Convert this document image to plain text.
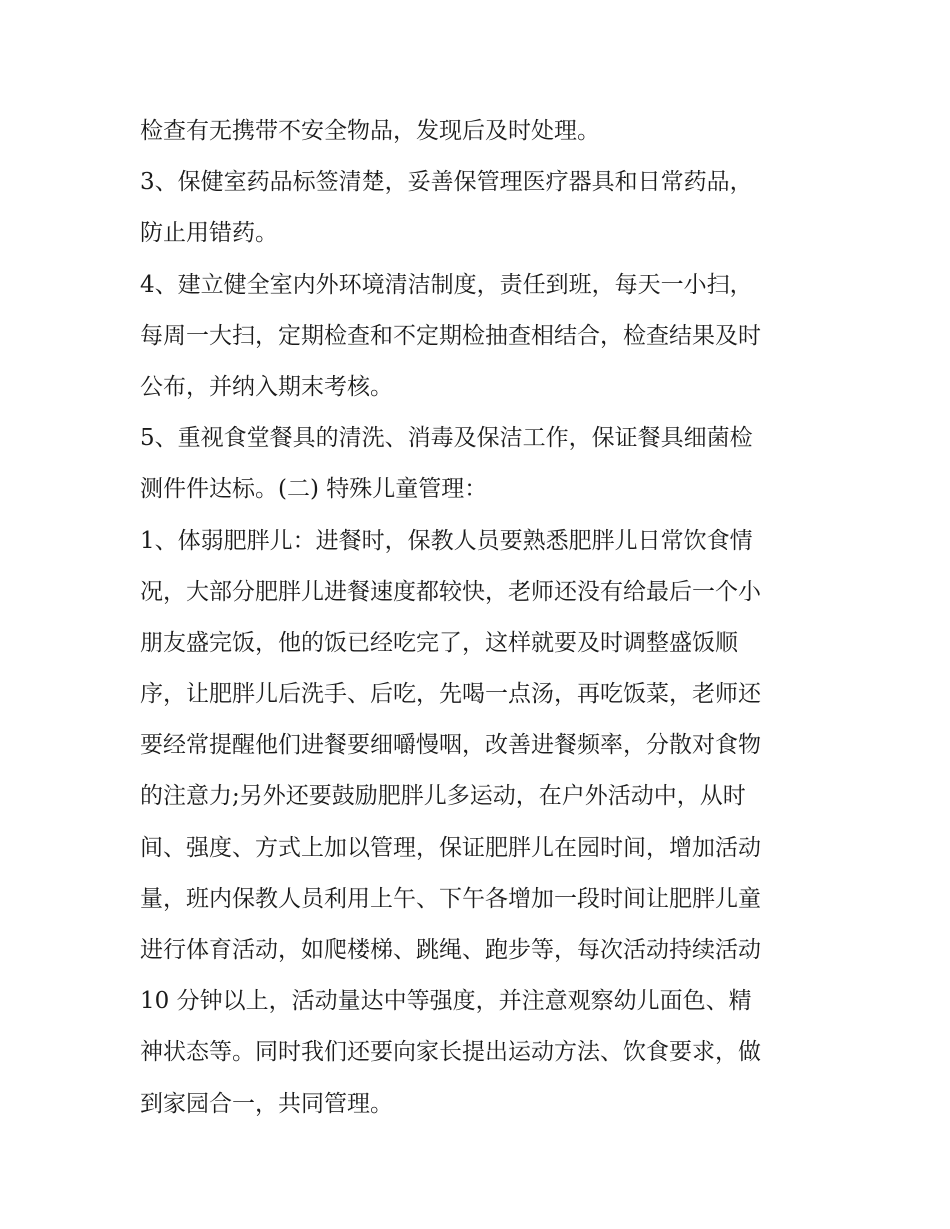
检查有无携带不安全物品，发现后及时处理。
3、保健室药品标签清楚，妥善保管理医疗器具和日常药品，
防止用错药。
4、建立健全室内外环境清洁制度，责任到班，每天一小扫，
每周一大扫，定期检查和不定期检抽查相结合，检查结果及时
公布，并纳入期末考核。
5、重视食堂餐具的清洗、消毒及保洁工作，保证餐具细菌检
测件件达标。(二) 特殊儿童管理：
1、体弱肥胖儿：进餐时，保教人员要熟悉肥胖儿日常饮食情
况，大部分肥胖儿进餐速度都较快，老师还没有给最后一个小
朋友盛完饭，他的饭已经吃完了，这样就要及时调整盛饭顺
序，让肥胖儿后洗手、后吃，先喝一点汤，再吃饭菜，老师还
要经常提醒他们进餐要细嚼慢咽，改善进餐频率，分散对食物
的注意力;另外还要鼓励肥胖儿多运动，在户外活动中，从时
间、强度、方式上加以管理，保证肥胖儿在园时间，增加活动
量，班内保教人员利用上午、下午各增加一段时间让肥胖儿童
进行体育活动，如爬楼梯、跳绳、跑步等，每次活动持续活动
10 分钟以上，活动量达中等强度，并注意观察幼儿面色、精
神状态等。同时我们还要向家长提出运动方法、饮食要求，做
到家园合一，共同管理。
